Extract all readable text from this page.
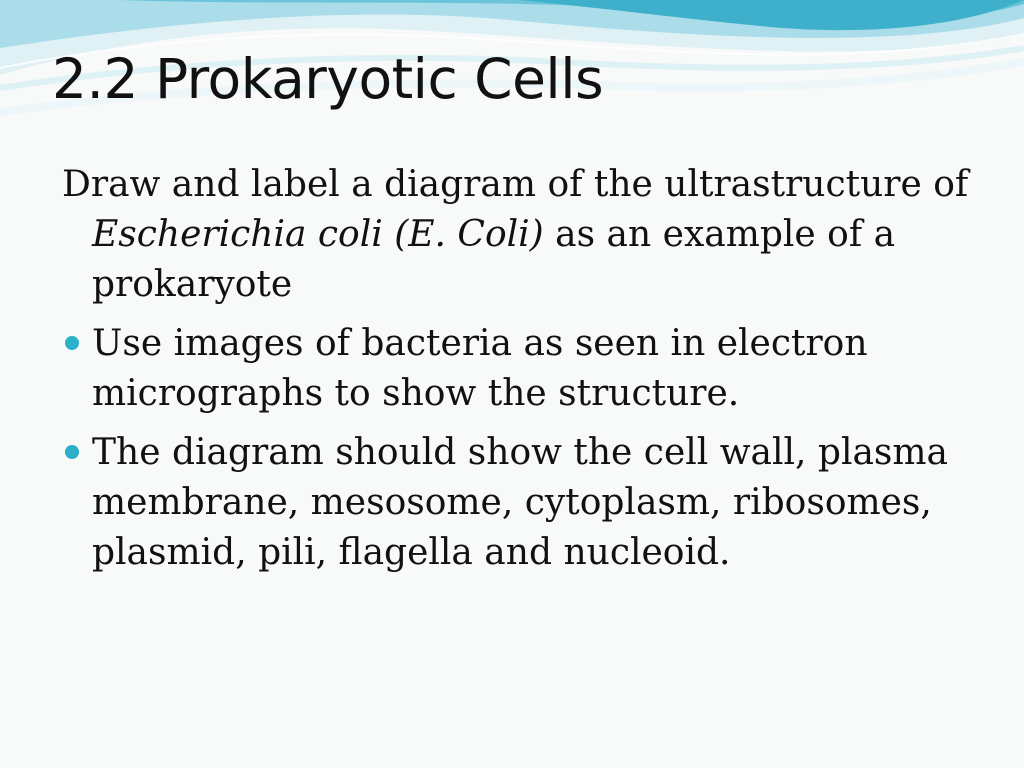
2.2 Prokaryotic Cells

Draw and label a diagram of the ultrastructure of Escherichia coli (E. Coli) as an example of a prokaryote

Use images of bacteria as seen in electron micrographs to show the structure.
The diagram should show the cell wall, plasma membrane, mesosome, cytoplasm, ribosomes, plasmid, pili, flagella and nucleoid.
